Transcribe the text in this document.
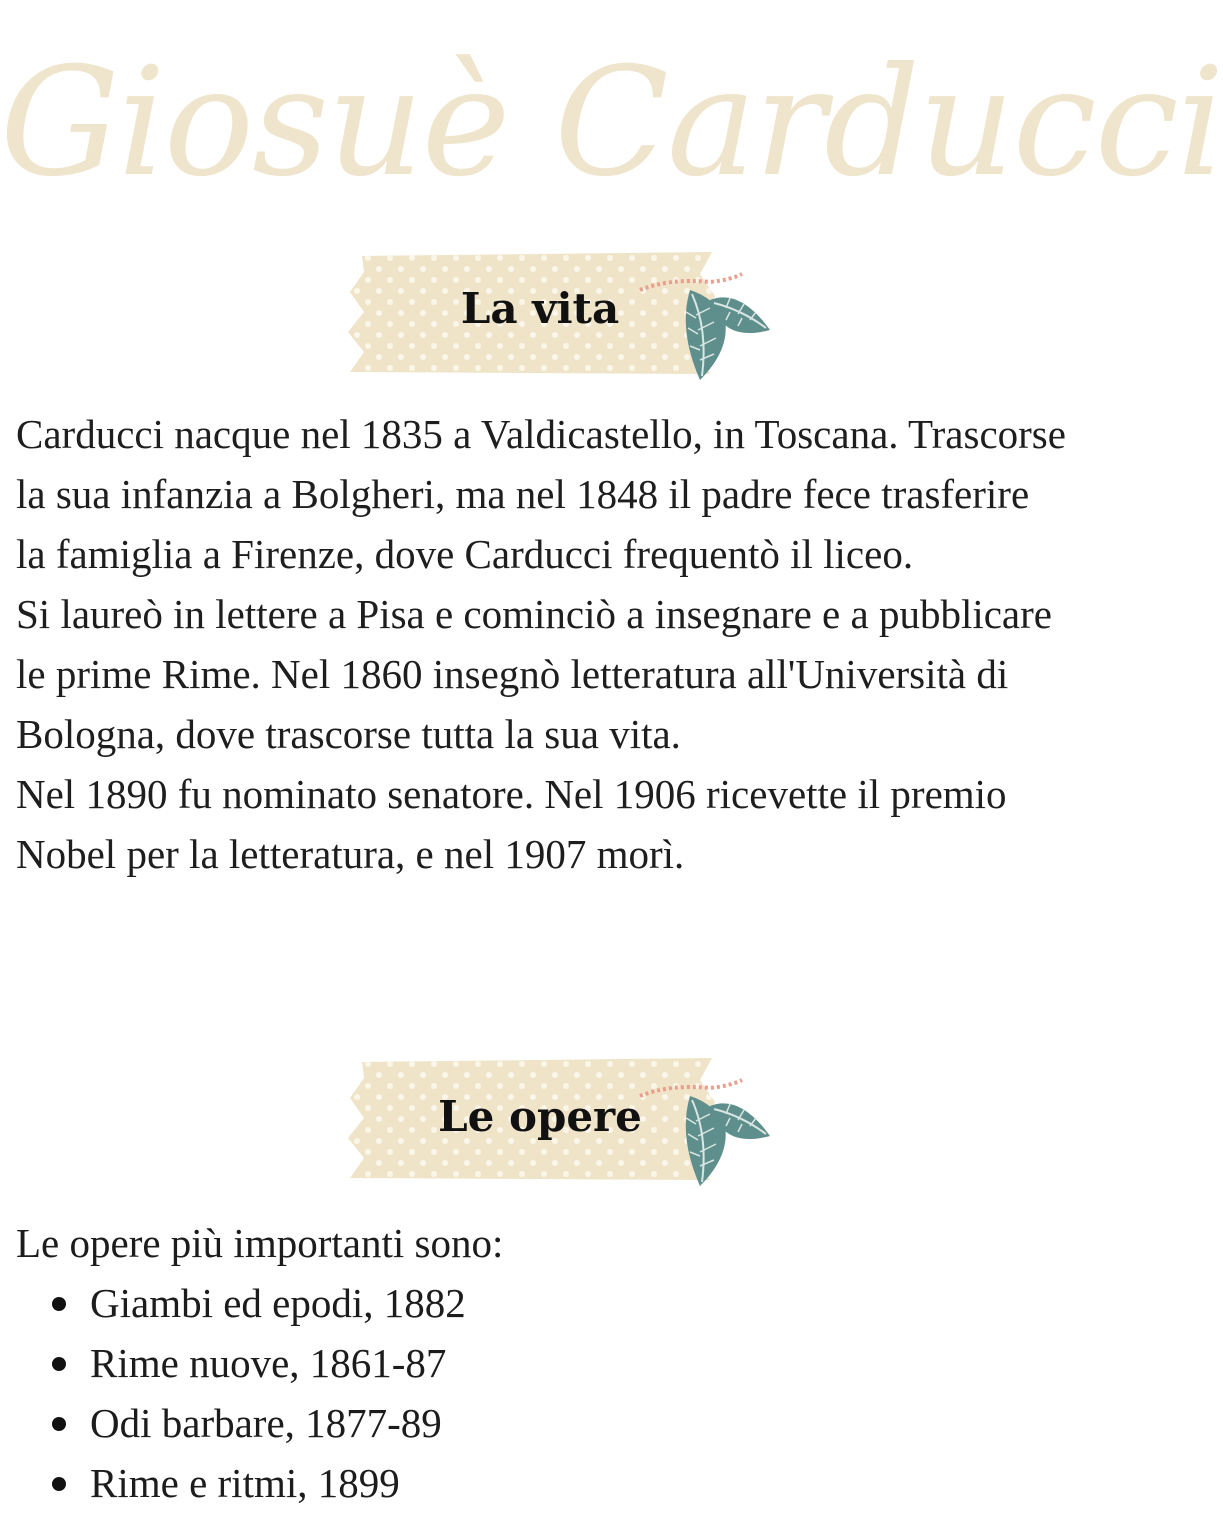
Giosuè Carducci
La vita

Carducci nacque nel 1835 a Valdicastello, in Toscana. Trascorse la sua infanzia a Bolgheri, ma nel 1848 il padre fece trasferire la famiglia a Firenze, dove Carducci frequentò il liceo.

Si laureò in lettere a Pisa e cominciò a insegnare e a pubblicare le prime Rime. Nel 1860 insegnò letteratura all'Università di Bologna, dove trascorse tutta la sua vita.

Nel 1890 fu nominato senatore. Nel 1906 ricevette il premio Nobel per la letteratura, e nel 1907 morì.

Le opere
Le opere più importanti sono:
Giambi ed epodi, 1882
Rime nuove, 1861-87
Odi barbare, 1877-89
Rime e ritmi, 1899
